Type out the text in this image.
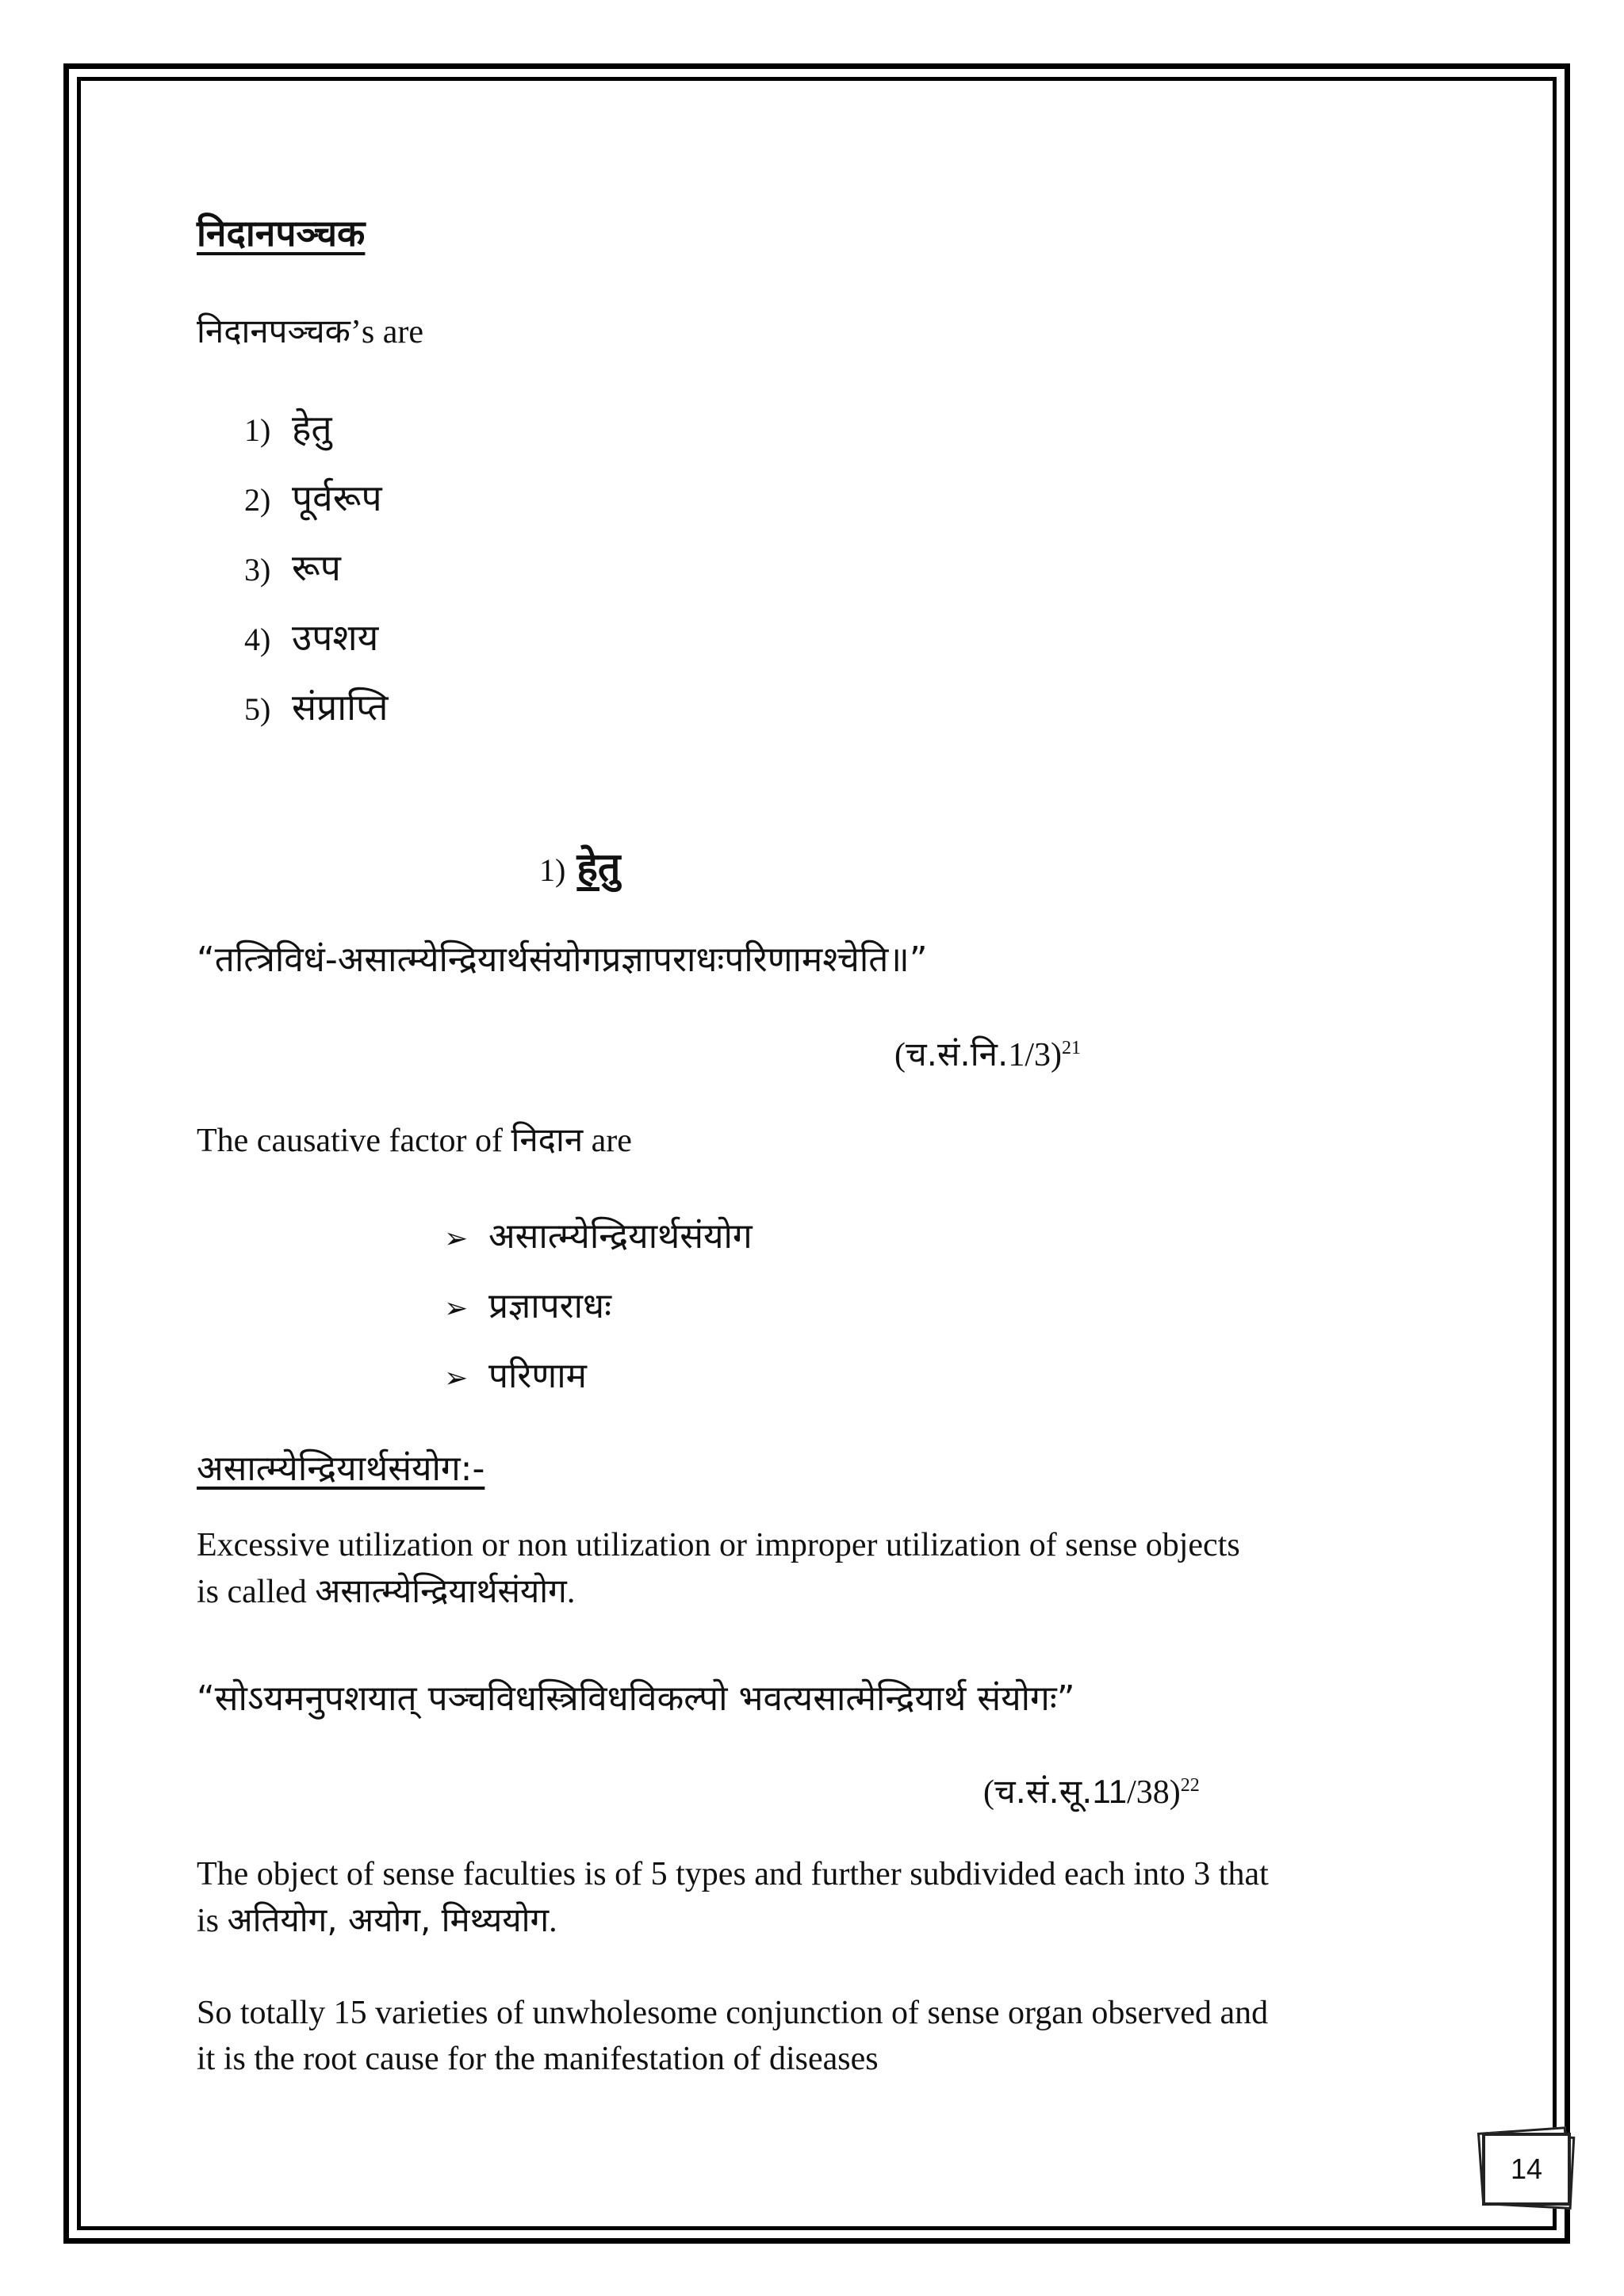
निदानपञ्चक
निदानपञ्चक’s are
1) हेतु
2) पूर्वरूप
3) रूप
4) उपशय
5) संप्राप्ति
1) हेतु
“तत्त्रिविधं-असात्म्येन्द्रियार्थसंयोगप्रज्ञापराधःपरिणामश्चेति॥”
(च.सं.नि.1/3)$^{21}$
The causative factor of निदान are
➢ असात्म्येन्द्रियार्थसंयोग
➢ प्रज्ञापराधः
➢ परिणाम
असात्म्येन्द्रियार्थसंयोग:-
Excessive utilization or non utilization or improper utilization of sense objects
is called असात्म्येन्द्रियार्थसंयोग.
“सोऽयमनुपशयात् पञ्चविधस्त्रिविधविकल्पो भवत्यसात्मेन्द्रियार्थ संयोगः”
(च.सं.सू.11/38)$^{22}$
The object of sense faculties is of 5 types and further subdivided each into 3 that
is अतियोग, अयोग, मिथ्ययोग.
So totally 15 varieties of unwholesome conjunction of sense organ observed and
it is the root cause for the manifestation of diseases
14
